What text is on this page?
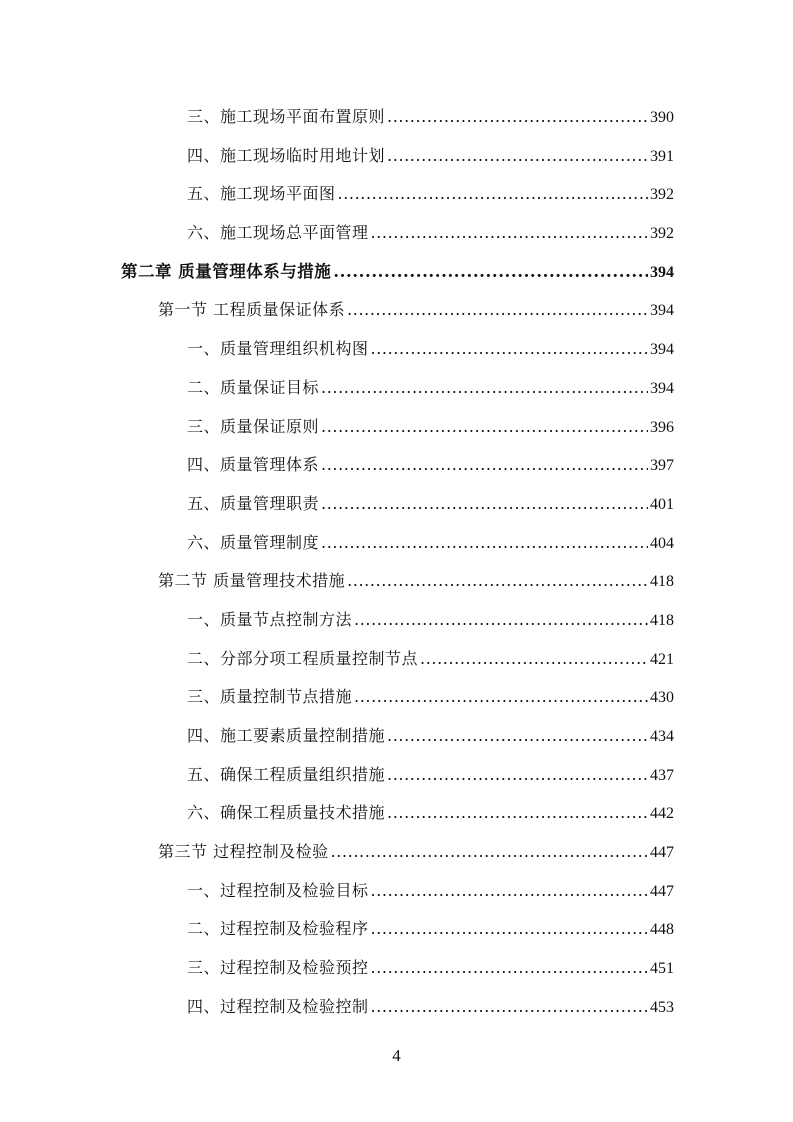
三、施工现场平面布置原则 .....	390
四、施工现场临时用地计划 .....	391
五、施工现场平面图 .....	392
六、施工现场总平面管理 .....	392
第二章 质量管理体系与措施 .....	394
第一节 工程质量保证体系 .....	394
一、质量管理组织机构图 .....	394
二、质量保证目标 .....	394
三、质量保证原则 .....	396
四、质量管理体系 .....	397
五、质量管理职责 .....	401
六、质量管理制度 .....	404
第二节 质量管理技术措施 .....	418
一、质量节点控制方法 .....	418
二、分部分项工程质量控制节点 .....	421
三、质量控制节点措施 .....	430
四、施工要素质量控制措施 .....	434
五、确保工程质量组织措施 .....	437
六、确保工程质量技术措施 .....	442
第三节 过程控制及检验 .....	447
一、过程控制及检验目标 .....	447
二、过程控制及检验程序 .....	448
三、过程控制及检验预控 .....	451
四、过程控制及检验控制 .....	453
4
